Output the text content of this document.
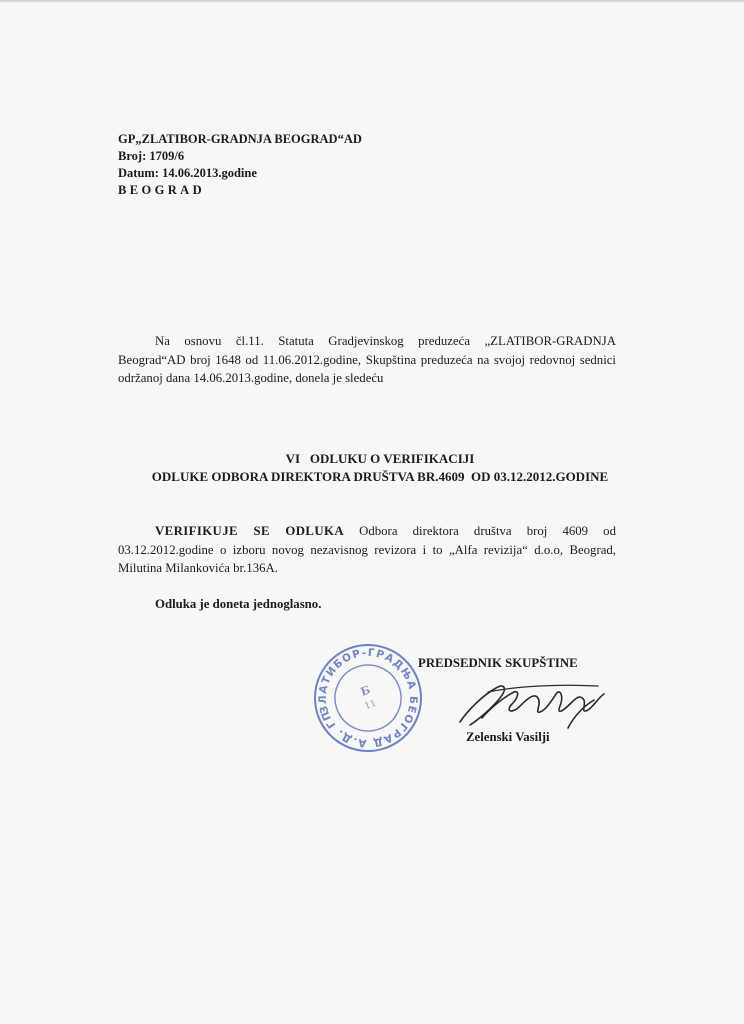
GP„ZLATIBOR-GRADNJA BEOGRAD“AD
Broj: 1709/6
Datum: 14.06.2013.godine
BEOGRAD

Na osnovu čl.11. Statuta Gradjevinskog preduzeća „ZLATIBOR-GRADNJA Beograd“AD broj 1648 od 11.06.2012.godine, Skupština preduzeća na svojoj redovnoj sednici održanoj dana 14.06.2013.godine, donela je sledeću

VI   ODLUKU O VERIFIKACIJI
ODLUKE ODBORA DIREKTORA DRUŠTVA BR.4609  OD 03.12.2012.GODINE

VERIFIKUJE SE ODLUKA Odbora direktora društva broj 4609 od 03.12.2012.godine o izboru novog nezavisnog revizora i to „Alfa revizija“ d.o.o, Beograd, Milutina Milankovića br.136A.

Odluka je doneta jednoglasno.
ЗЛАТИБОР-ГРАДЊА БЕОГРАД А.Д. ГП
Б
11
PREDSEDNIK SKUPŠTINE
Zelenski Vasilji
